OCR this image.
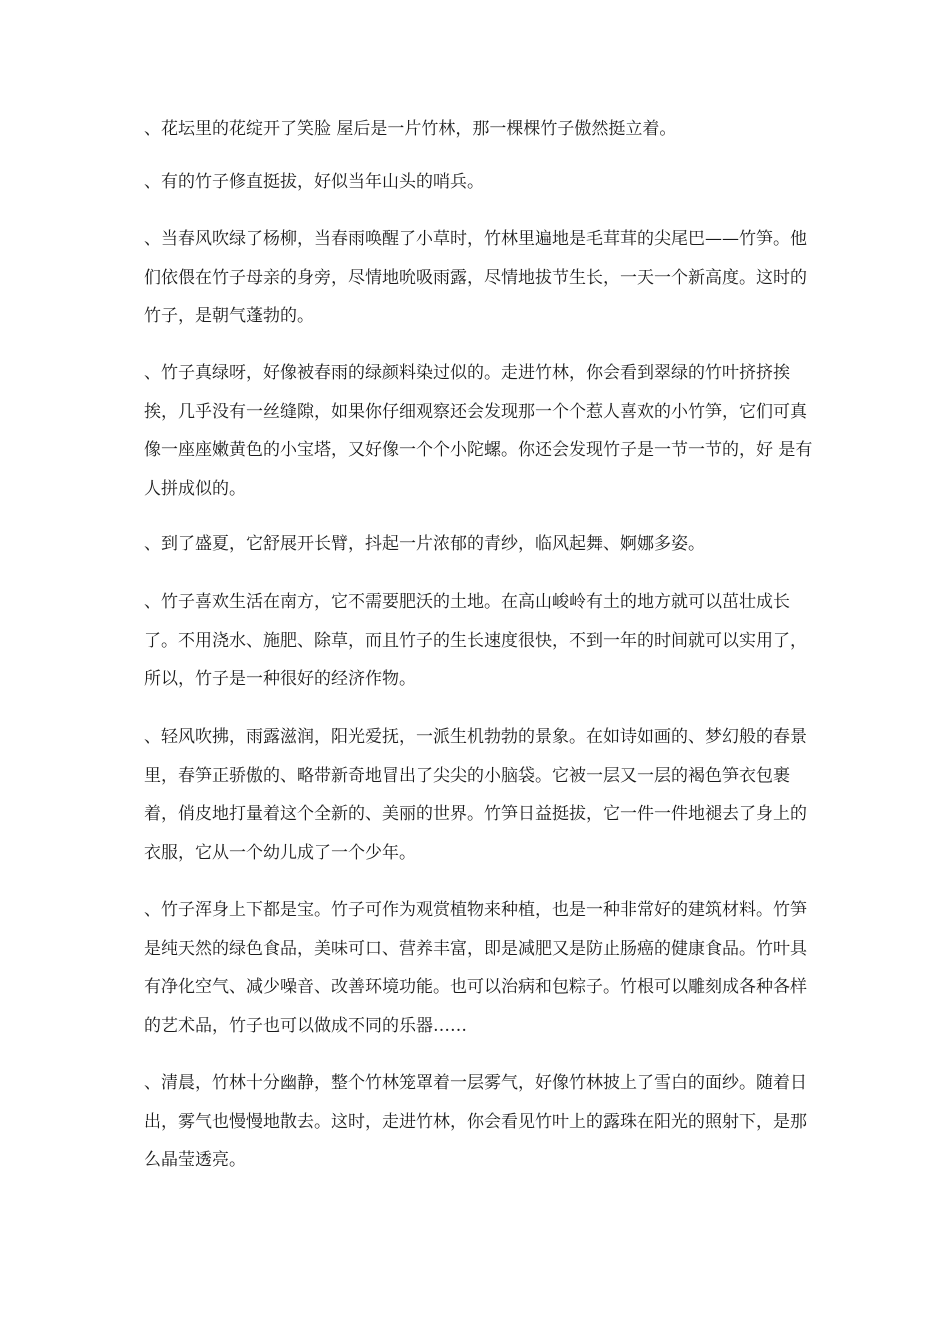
、花坛里的花绽开了笑脸 屋后是一片竹林，那一棵棵竹子傲然挺立着。

、有的竹子修直挺拔，好似当年山头的哨兵。

、当春风吹绿了杨柳，当春雨唤醒了小草时，竹林里遍地是毛茸茸的尖尾巴——竹笋。他们依偎在竹子母亲的身旁，尽情地吮吸雨露，尽情地拔节生长，一天一个新高度。这时的竹子，是朝气蓬勃的。

、竹子真绿呀，好像被春雨的绿颜料染过似的。走进竹林，你会看到翠绿的竹叶挤挤挨挨，几乎没有一丝缝隙，如果你仔细观察还会发现那一个个惹人喜欢的小竹笋，它们可真像一座座嫩黄色的小宝塔，又好像一个个小陀螺。你还会发现竹子是一节一节的，好 是有人拼成似的。

、到了盛夏，它舒展开长臂，抖起一片浓郁的青纱，临风起舞、婀娜多姿。

、竹子喜欢生活在南方，它不需要肥沃的土地。在高山峻岭有土的地方就可以茁壮成长了。不用浇水、施肥、除草，而且竹子的生长速度很快，不到一年的时间就可以实用了，所以，竹子是一种很好的经济作物。

、轻风吹拂，雨露滋润，阳光爱抚，一派生机勃勃的景象。在如诗如画的、梦幻般的春景里，春笋正骄傲的、略带新奇地冒出了尖尖的小脑袋。它被一层又一层的褐色笋衣包裹着，俏皮地打量着这个全新的、美丽的世界。竹笋日益挺拔，它一件一件地褪去了身上的衣服，它从一个幼儿成了一个少年。

、竹子浑身上下都是宝。竹子可作为观赏植物来种植，也是一种非常好的建筑材料。竹笋是纯天然的绿色食品，美味可口、营养丰富，即是减肥又是防止肠癌的健康食品。竹叶具有净化空气、减少噪音、改善环境功能。也可以治病和包粽子。竹根可以雕刻成各种各样的艺术品，竹子也可以做成不同的乐器……

、清晨，竹林十分幽静，整个竹林笼罩着一层雾气，好像竹林披上了雪白的面纱。随着日出，雾气也慢慢地散去。这时，走进竹林，你会看见竹叶上的露珠在阳光的照射下，是那么晶莹透亮。
